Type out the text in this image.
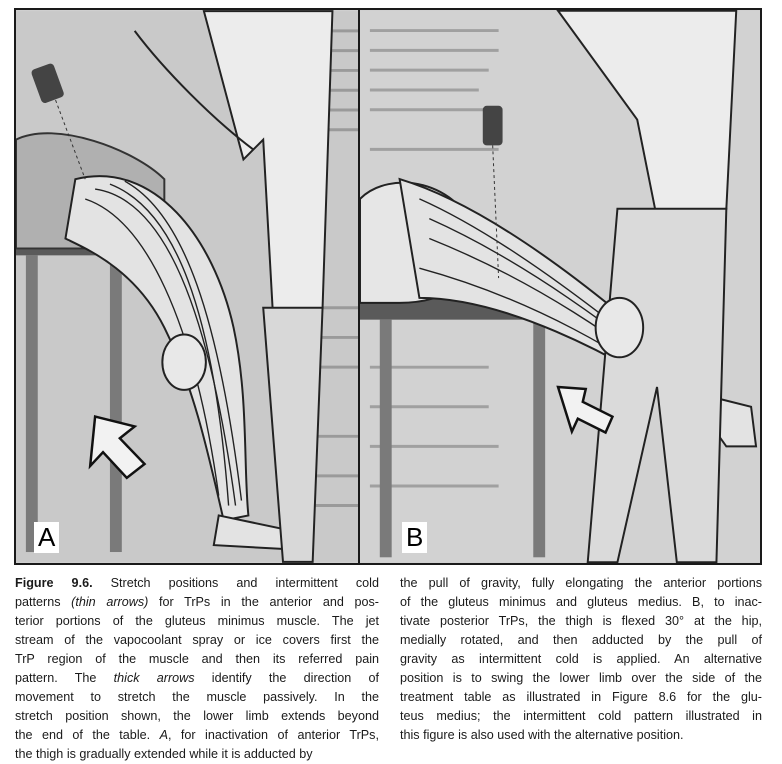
A	B
Figure 9.6. Stretch positions and intermittent cold
patterns (thin arrows) for TrPs in the anterior and pos-
terior portions of the gluteus minimus muscle. The jet
stream of the vapocoolant spray or ice covers first the
TrP region of the muscle and then its referred pain
pattern. The thick arrows identify the direction of
movement to stretch the muscle passively. In the
stretch position shown, the lower limb extends beyond
the end of the table. A, for inactivation of anterior TrPs,
the thigh is gradually extended while it is adducted by
the pull of gravity, fully elongating the anterior portions
of the gluteus minimus and gluteus medius. B, to inac-
tivate posterior TrPs, the thigh is flexed 30° at the hip,
medially rotated, and then adducted by the pull of
gravity as intermittent cold is applied. An alternative
position is to swing the lower limb over the side of the
treatment table as illustrated in Figure 8.6 for the glu-
teus medius; the intermittent cold pattern illustrated in
this figure is also used with the alternative position.
